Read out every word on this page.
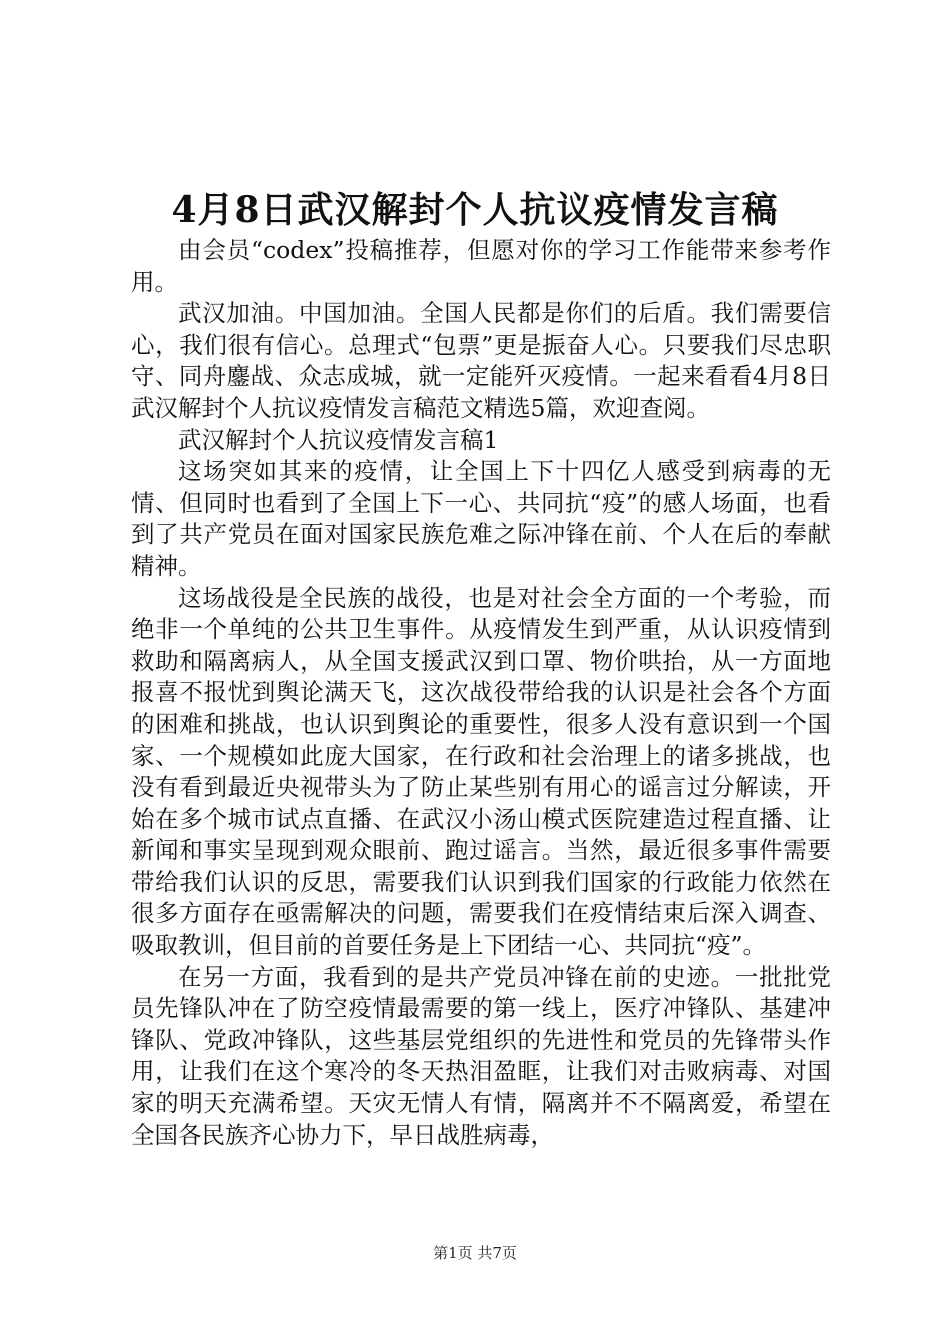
4月8日武汉解封个人抗议疫情发言稿

由会员“codex”投稿推荐，但愿对你的学习工作能带来参考作用。

武汉加油。中国加油。全国人民都是你们的后盾。我们需要信心，我们很有信心。总理式“包票”更是振奋人心。只要我们尽忠职守、同舟鏖战、众志成城，就一定能歼灭疫情。一起来看看4月8日武汉解封个人抗议疫情发言稿范文精选5篇，欢迎查阅。

武汉解封个人抗议疫情发言稿1

这场突如其来的疫情，让全国上下十四亿人感受到病毒的无情、但同时也看到了全国上下一心、共同抗“疫”的感人场面，也看到了共产党员在面对国家民族危难之际冲锋在前、个人在后的奉献精神。

这场战役是全民族的战役，也是对社会全方面的一个考验，而绝非一个单纯的公共卫生事件。从疫情发生到严重，从认识疫情到救助和隔离病人，从全国支援武汉到口罩、物价哄抬，从一方面地报喜不报忧到舆论满天飞，这次战役带给我的认识是社会各个方面的困难和挑战，也认识到舆论的重要性，很多人没有意识到一个国家、一个规模如此庞大国家，在行政和社会治理上的诸多挑战，也没有看到最近央视带头为了防止某些别有用心的谣言过分解读，开始在多个城市试点直播、在武汉小汤山模式医院建造过程直播、让新闻和事实呈现到观众眼前、跑过谣言。当然，最近很多事件需要带给我们认识的反思，需要我们认识到我们国家的行政能力依然在很多方面存在亟需解决的问题，需要我们在疫情结束后深入调查、吸取教训，但目前的首要任务是上下团结一心、共同抗“疫”。

在另一方面，我看到的是共产党员冲锋在前的史迹。一批批党员先锋队冲在了防空疫情最需要的第一线上，医疗冲锋队、基建冲锋队、党政冲锋队，这些基层党组织的先进性和党员的先锋带头作用，让我们在这个寒冷的冬天热泪盈眶，让我们对击败病毒、对国家的明天充满希望。天灾无情人有情，隔离并不不隔离爱，希望在全国各民族齐心协力下，早日战胜病毒，

第1页 共7页
